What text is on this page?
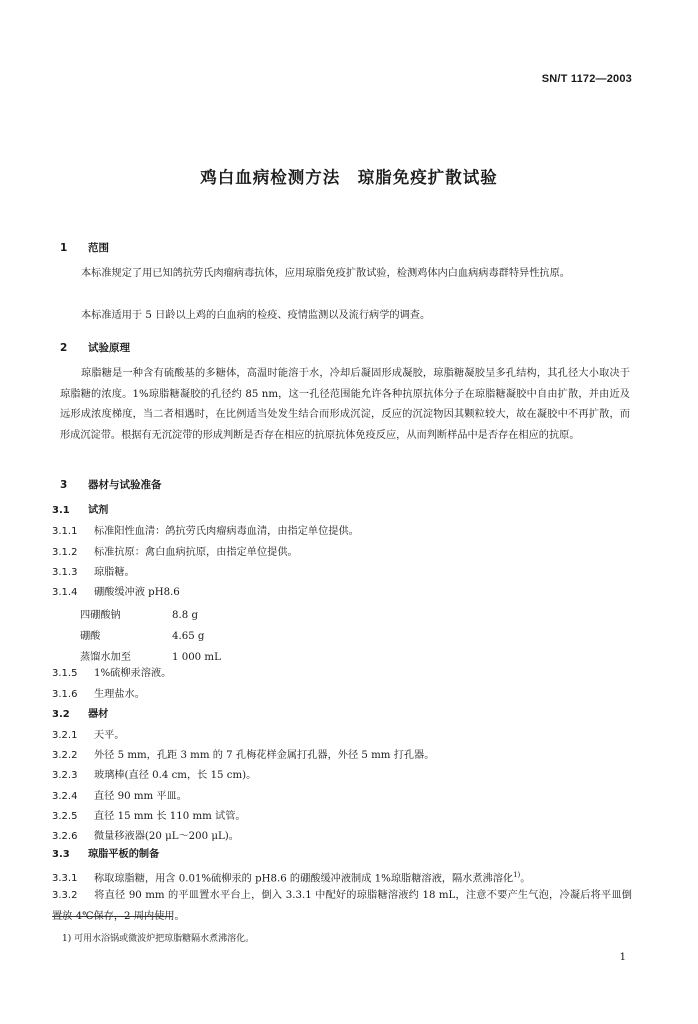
SN/T 1172—2003
鸡白血病检测方法　琼脂免疫扩散试验
1 范围
本标准规定了用已知鸽抗劳氏肉瘤病毒抗体，应用琼脂免疫扩散试验，检测鸡体内白血病病毒群特异性抗原。
本标准适用于 5 日龄以上鸡的白血病的检疫、疫情监测以及流行病学的调查。
2 试验原理
琼脂糖是一种含有硫酸基的多糖体，高温时能溶于水，冷却后凝固形成凝胶，琼脂糖凝胶呈多孔结构，其孔径大小取决于琼脂糖的浓度。1%琼脂糖凝胶的孔径约 85 nm，这一孔径范围能允许各种抗原抗体分子在琼脂糖凝胶中自由扩散，并由近及远形成浓度梯度，当二者相遇时，在比例适当处发生结合而形成沉淀，反应的沉淀物因其颗粒较大，故在凝胶中不再扩散，而形成沉淀带。根据有无沉淀带的形成判断是否存在相应的抗原抗体免疫反应，从而判断样品中是否存在相应的抗原。
3 器材与试验准备
3.1 试剂
3.1.1 标准阳性血清：鸽抗劳氏肉瘤病毒血清，由指定单位提供。
3.1.2 标准抗原：禽白血病抗原，由指定单位提供。
3.1.3 琼脂糖。
3.1.4 硼酸缓冲液 pH8.6
四硼酸钠	8.8 g
硼酸	4.65 g
蒸馏水加至	1 000 mL
3.1.5 1%硫柳汞溶液。
3.1.6 生理盐水。
3.2 器材
3.2.1 天平。
3.2.2 外径 5 mm，孔距 3 mm 的 7 孔梅花样金属打孔器，外径 5 mm 打孔器。
3.2.3 玻璃棒(直径 0.4 cm，长 15 cm)。
3.2.4 直径 90 mm 平皿。
3.2.5 直径 15 mm 长 110 mm 试管。
3.2.6 微量移液器(20 μL～200 μL)。
3.3 琼脂平板的制备
3.3.1 称取琼脂糖，用含 0.01%硫柳汞的 pH8.6 的硼酸缓冲液制成 1%琼脂糖溶液，隔水煮沸溶化$^{1)}$。
3.3.2 将直径 90 mm 的平皿置水平台上，倒入 3.3.1 中配好的琼脂糖溶液约 18 mL，注意不要产生气泡，冷凝后将平皿倒置放 4℃保存，2 周内使用。
1) 可用水浴锅或微波炉把琼脂糖隔水煮沸溶化。
1
